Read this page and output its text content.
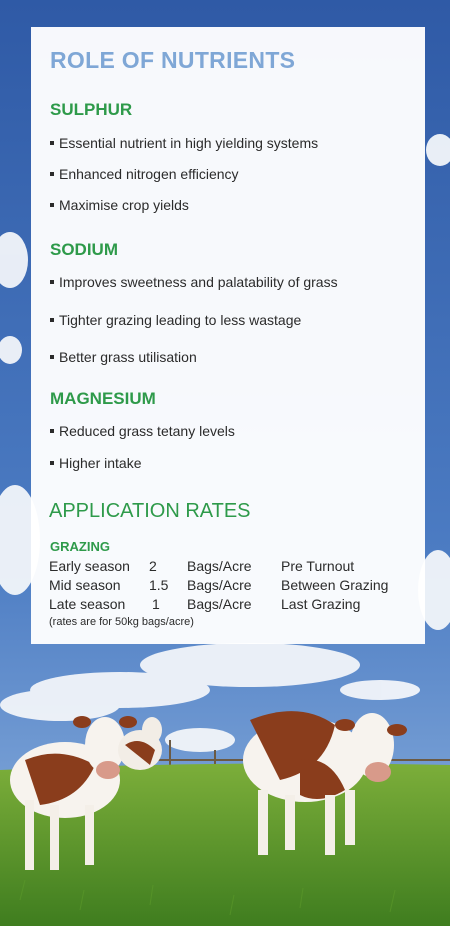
ROLE OF NUTRIENTS
SULPHUR
Essential nutrient in high yielding systems
Enhanced nitrogen efficiency
Maximise crop yields
SODIUM
Improves sweetness and palatability of grass
Tighter grazing leading to less wastage
Better grass utilisation
MAGNESIUM
Reduced grass tetany levels
Higher intake
APPLICATION RATES
GRAZING
Early season 2 Bags/Acre Pre Turnout
Mid season 1.5 Bags/Acre Between Grazing
Late season 1 Bags/Acre Last Grazing
(rates are for 50kg bags/acre)
